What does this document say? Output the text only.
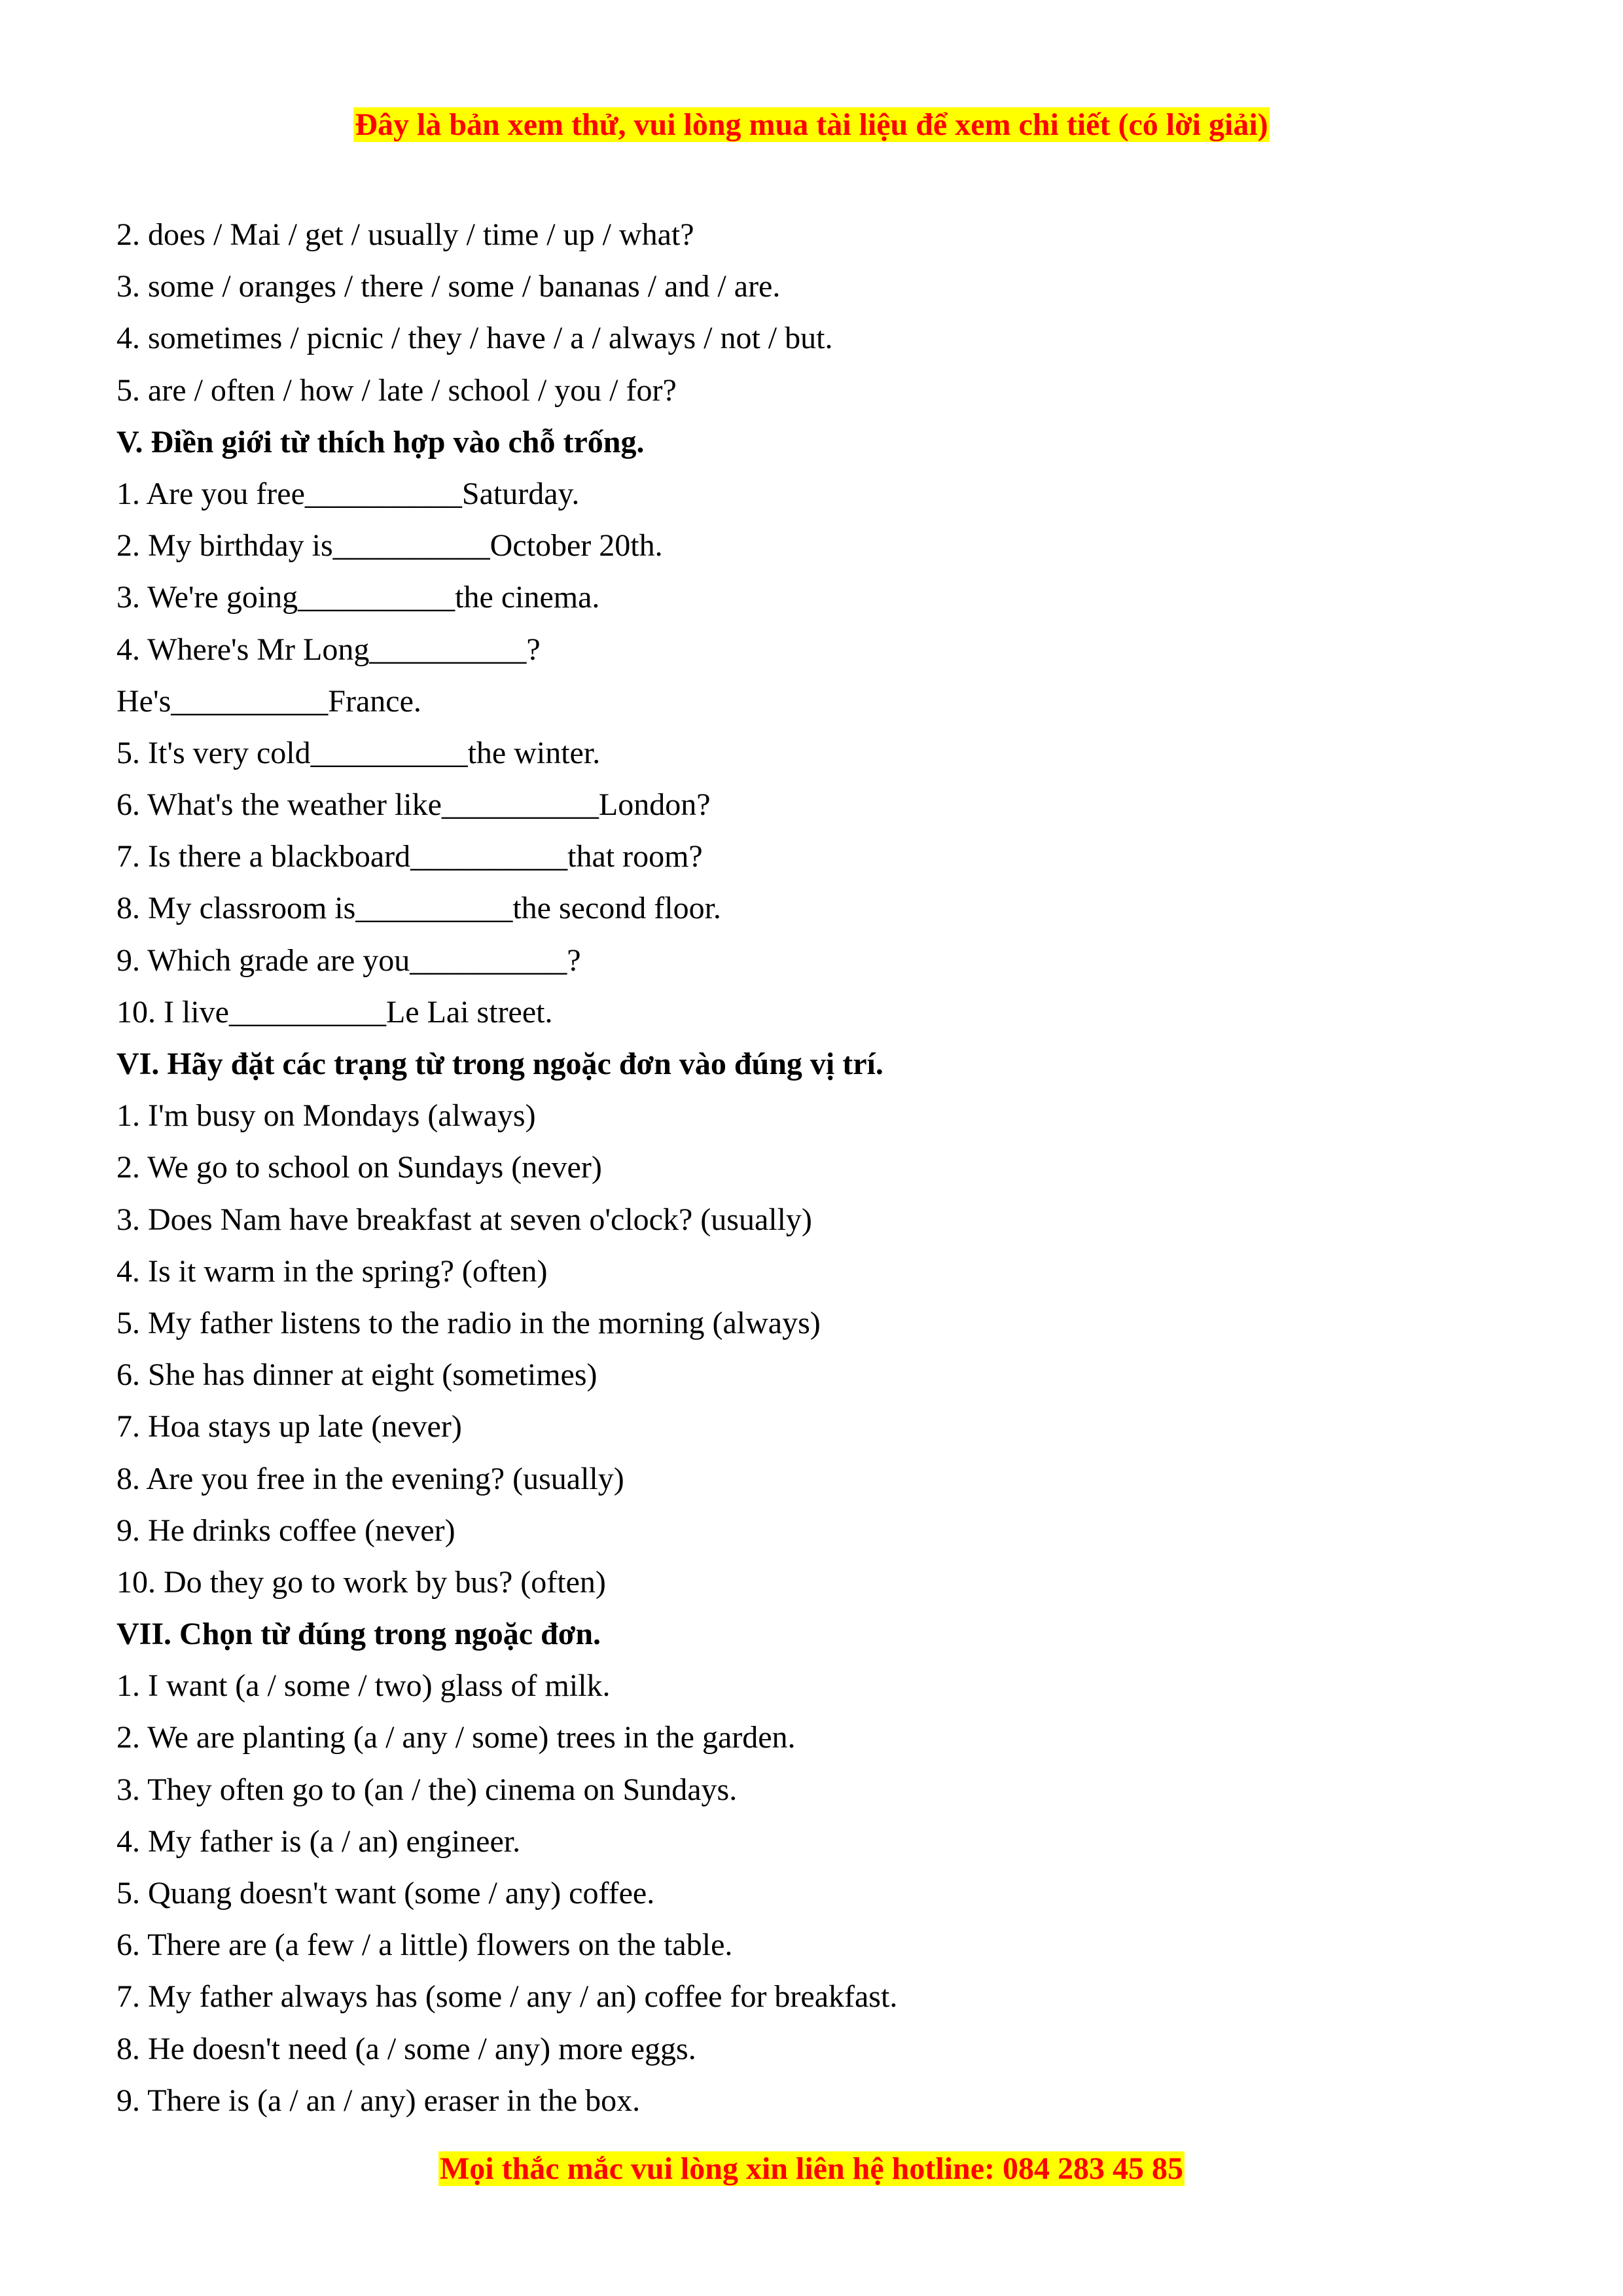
Đây là bản xem thử, vui lòng mua tài liệu để xem chi tiết (có lời giải)
2. does / Mai / get / usually / time / up / what?
3. some / oranges / there / some / bananas / and / are.
4. sometimes / picnic / they / have / a / always / not / but.
5. are / often / how / late / school / you / for?
V. Điền giới từ thích hợp vào chỗ trống.
1. Are you free__________Saturday.
2. My birthday is__________October 20th.
3. We're going__________the cinema.
4. Where's Mr Long__________?
He's__________France.
5. It's very cold__________the winter.
6. What's the weather like__________London?
7. Is there a blackboard__________that room?
8. My classroom is__________the second floor.
9. Which grade are you__________?
10. I live__________Le Lai street.
VI. Hãy đặt các trạng từ trong ngoặc đơn vào đúng vị trí.
1. I'm busy on Mondays (always)
2. We go to school on Sundays (never)
3. Does Nam have breakfast at seven o'clock? (usually)
4. Is it warm in the spring? (often)
5. My father listens to the radio in the morning (always)
6. She has dinner at eight (sometimes)
7. Hoa stays up late (never)
8. Are you free in the evening? (usually)
9. He drinks coffee (never)
10. Do they go to work by bus? (often)
VII. Chọn từ đúng trong ngoặc đơn.
1. I want (a / some / two) glass of milk.
2. We are planting (a / any / some) trees in the garden.
3. They often go to (an / the) cinema on Sundays.
4. My father is (a / an) engineer.
5. Quang doesn't want (some / any) coffee.
6. There are (a few / a little) flowers on the table.
7. My father always has (some / any / an) coffee for breakfast.
8. He doesn't need (a / some / any) more eggs.
9. There is (a / an / any) eraser in the box.
Mọi thắc mắc vui lòng xin liên hệ hotline: 084 283 45 85
